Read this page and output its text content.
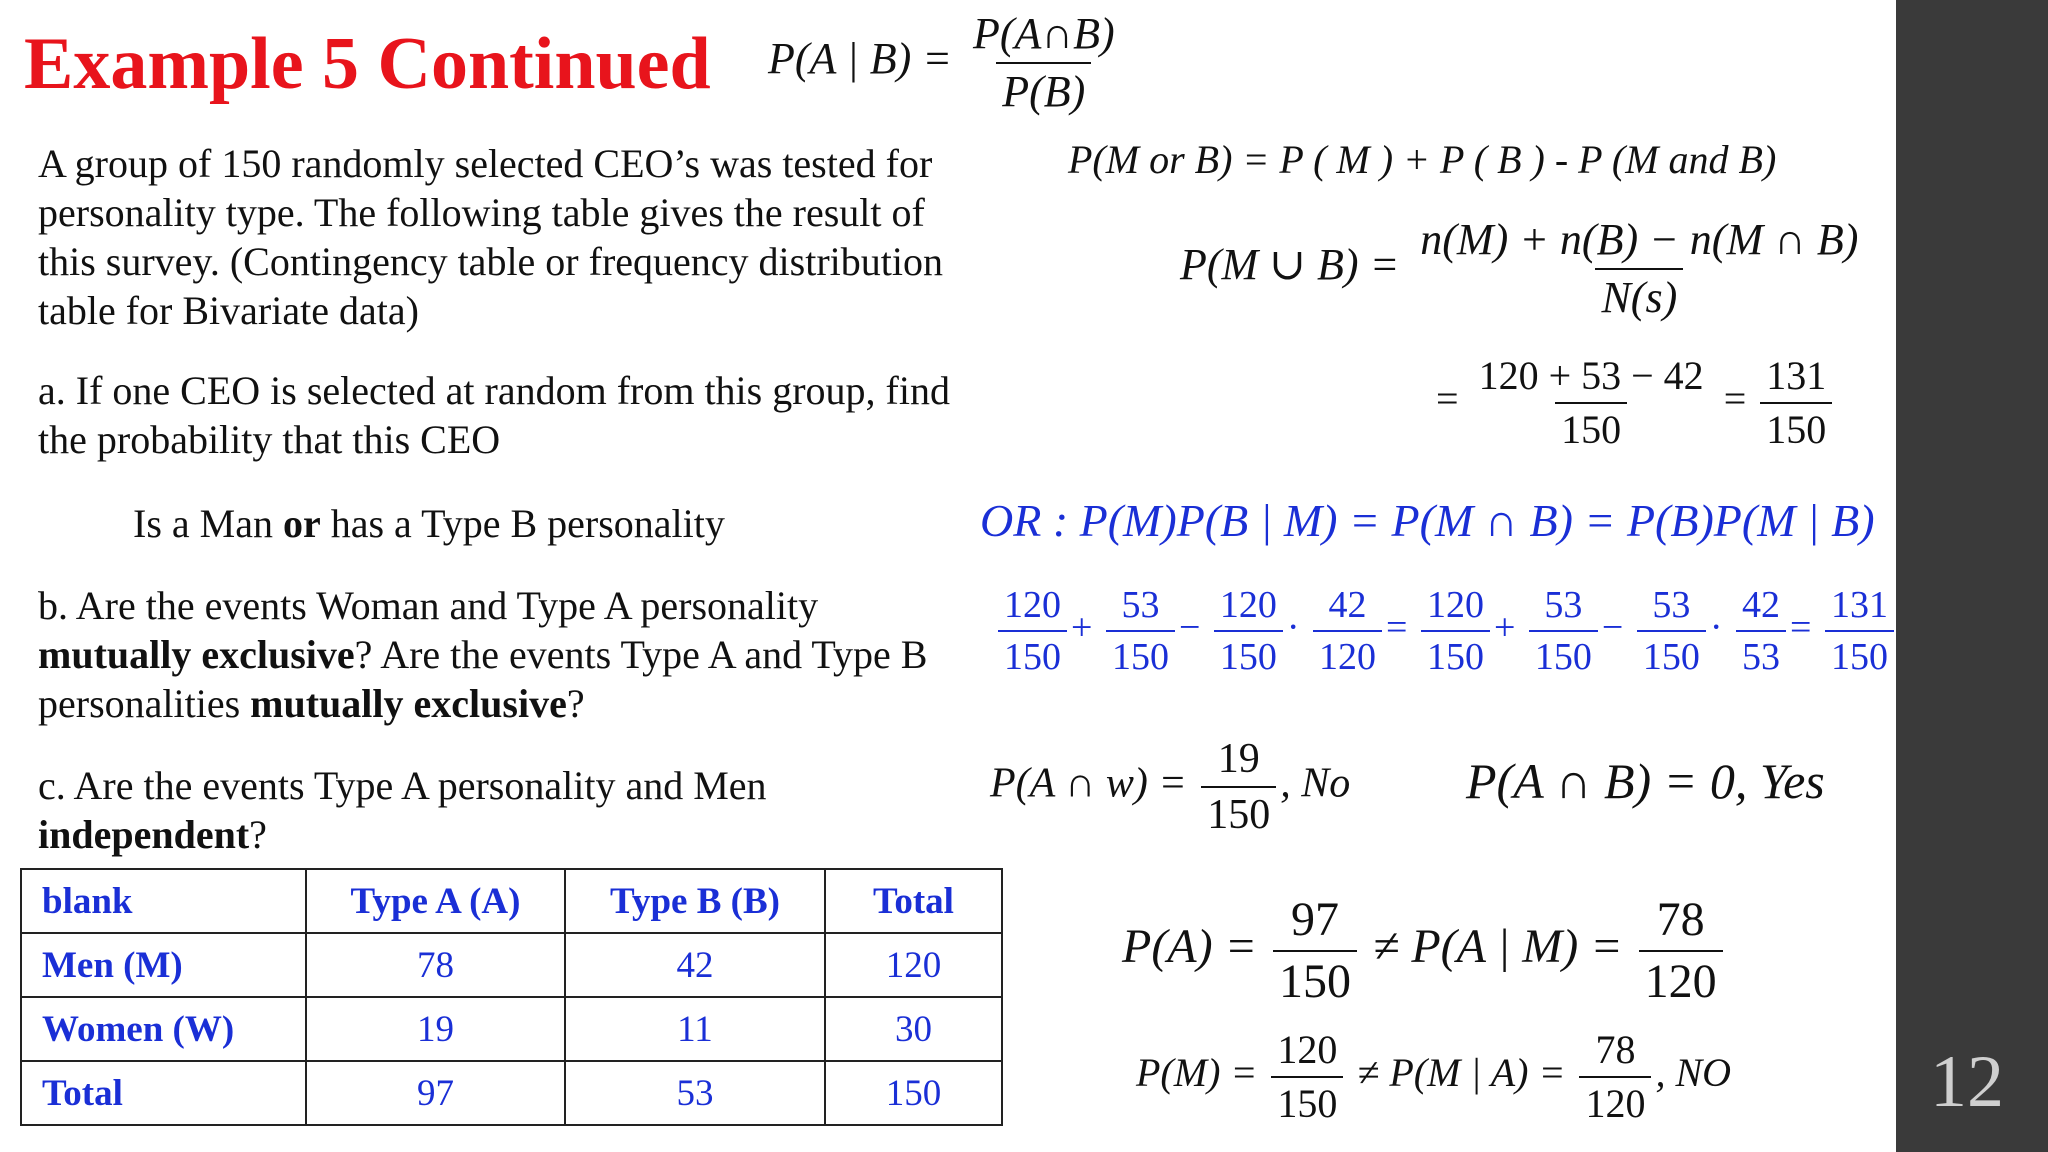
Example 5 Continued P(A | $B) = \frac{P(A\cap B)}{P(B)}$
A group of 150 randomly selected CEO’s was tested for personality type. The following table gives the result of this survey. (Contingency table or frequency distribution table for Bivariate data)
a. If one CEO is selected at random from this group, find the probability that this CEO
Is a Man or has a Type B personality
b. Are the events Woman and Type A personality mutually exclusive? Are the events Type A and Type B personalities mutually exclusive?
c. Are the events Type A personality and Men independent?
blank	Type A (A)	Type B (B)	Total
Men (M)	78	42	120
Women (W)	19	11	30
Total	97	53	150
P(M or B) = P ( M ) + P ( B ) - P (M and B)
P(M ∪ $B) = \frac{n(M) + n(B) - n(M \cap B)}{N(s)}$
= $\frac{120 + 53 - 42}{150} = \frac{131}{150}$
OR : P(M)P(B | M) = P(M ∩ B) = P(B)P(M | B)
$\frac{120}{150} + \frac{53}{150} - \frac{120}{150} \cdot \frac{42}{120} = \frac{120}{150} + \frac{53}{150} - \frac{53}{150} \cdot \frac{42}{53} = \frac{131}{150}$
P(A ∩ $w) = \frac{19}{150}$ , No P(A ∩ B) = 0, Yes
$P(A) = \frac{97}{150} \ne P(A$ | $M) = \frac{78}{120}$
$P(M) = \frac{120}{150} \ne P(M$ | $A) = \frac{78}{120}$ , NO	12
